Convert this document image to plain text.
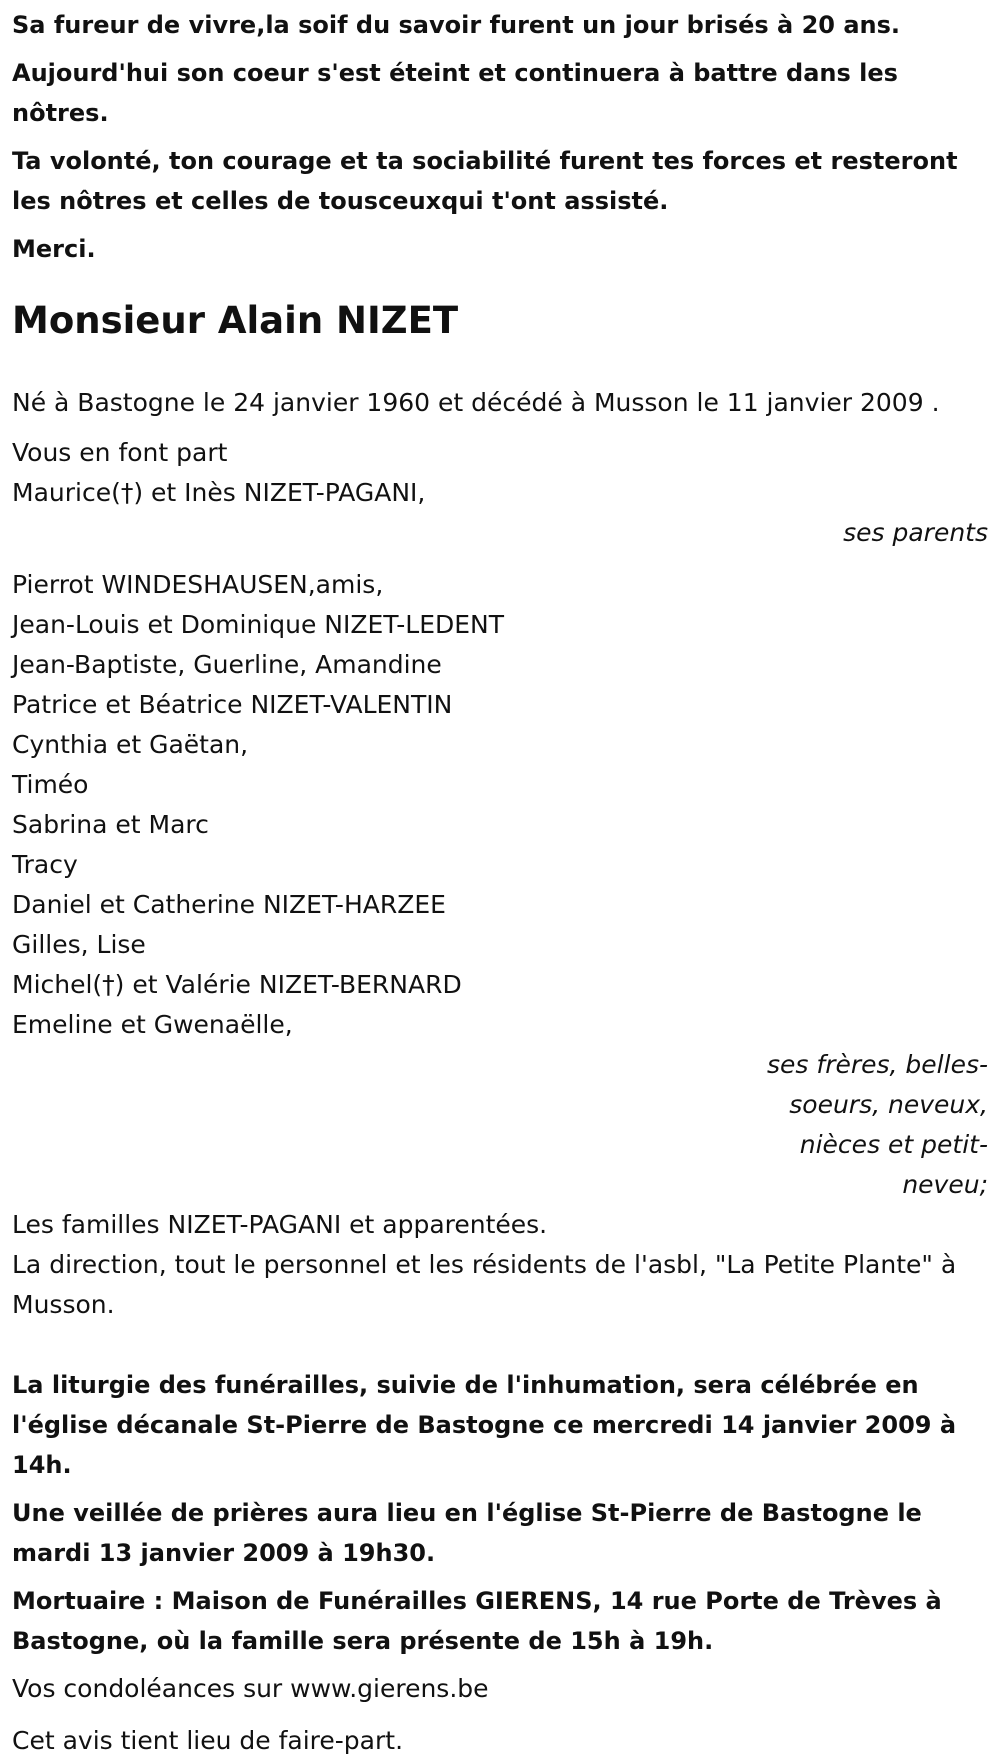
Sa fureur de vivre,la soif du savoir furent un jour brisés à 20 ans.

Aujourd'hui son coeur s'est éteint et continuera à battre dans les nôtres.

Ta volonté, ton courage et ta sociabilité furent tes forces et resteront les nôtres et celles de tousceuxqui t'ont assisté.

Merci.

Monsieur Alain NIZET

Né à Bastogne le 24 janvier 1960 et décédé à Musson le 11 janvier 2009 .

Vous en font part
Maurice(†) et Inès NIZET-PAGANI,
ses parents
Pierrot WINDESHAUSEN,amis,
Jean-Louis et Dominique NIZET-LEDENT
Jean-Baptiste, Guerline, Amandine
Patrice et Béatrice NIZET-VALENTIN
Cynthia et Gaëtan,
Timéo
Sabrina et Marc
Tracy
Daniel et Catherine NIZET-HARZEE
Gilles, Lise
Michel(†) et Valérie NIZET-BERNARD
Emeline et Gwenaëlle,
ses frères, belles-soeurs, neveux, nièces et petit-neveu;
Les familles NIZET-PAGANI et apparentées.
La direction, tout le personnel et les résidents de l'asbl, "La Petite Plante" à Musson.

La liturgie des funérailles, suivie de l'inhumation, sera célébrée en l'église décanale St-Pierre de Bastogne ce mercredi 14 janvier 2009 à 14h.

Une veillée de prières aura lieu en l'église St-Pierre de Bastogne le mardi 13 janvier 2009 à 19h30.

Mortuaire : Maison de Funérailles GIERENS, 14 rue Porte de Trèves à Bastogne, où la famille sera présente de 15h à 19h.

Vos condoléances sur www.gierens.be

Cet avis tient lieu de faire-part.
